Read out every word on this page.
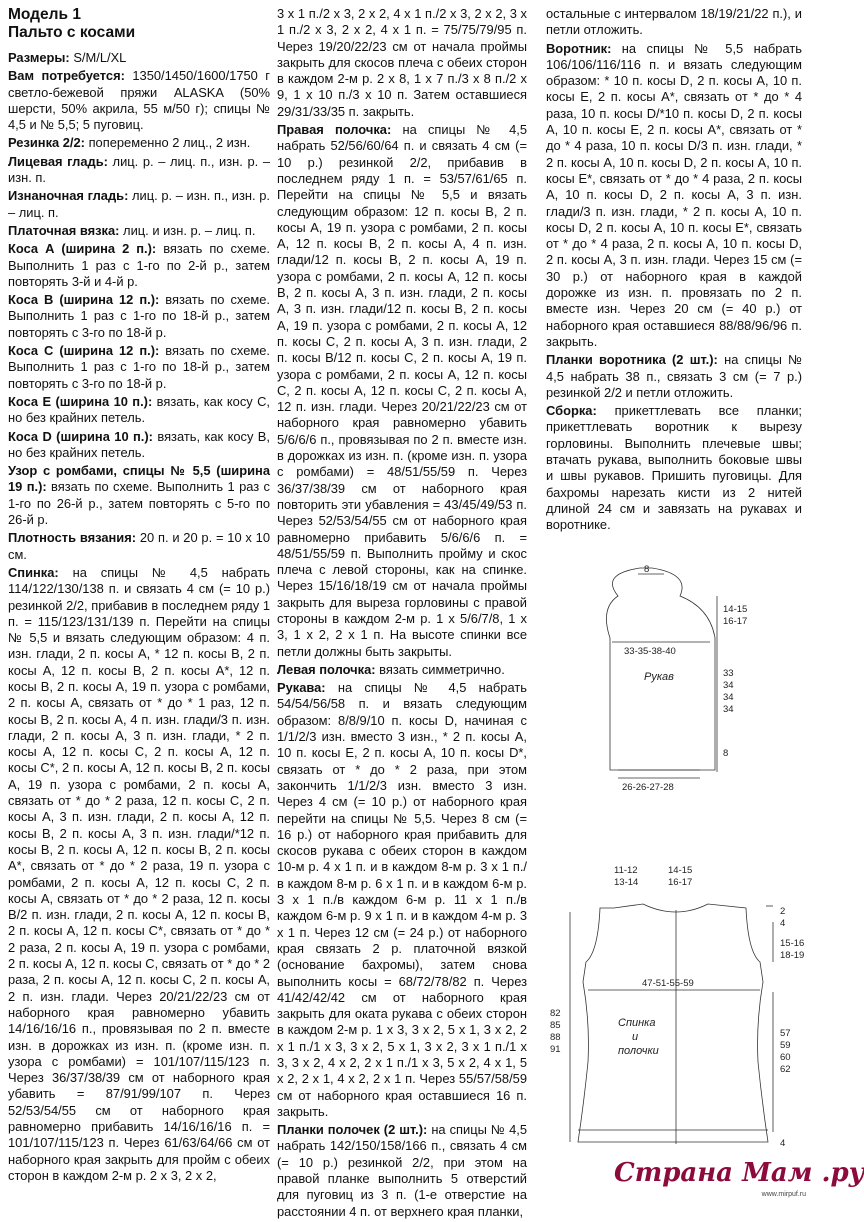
Модель 1
Пальто с косами

Размеры: S/M/L/XL

Вам потребуется: 1350/1450/1600/1750 г светло-бежевой пряжи ALASKA (50% шерсти, 50% акрила, 55 м/50 г); спицы № 4,5 и № 5,5; 5 пуговиц.

Резинка 2/2: попеременно 2 лиц., 2 изн.

Лицевая гладь: лиц. р. – лиц. п., изн. р. – изн. п.

Изнаночная гладь: лиц. р. – изн. п., изн. р. – лиц. п.

Платочная вязка: лиц. и изн. р. – лиц. п.

Коса А (ширина 2 п.): вязать по схеме. Выполнить 1 раз с 1-го по 2-й р., затем повторять 3-й и 4-й р.

Коса В (ширина 12 п.): вязать по схеме. Выполнить 1 раз с 1-го по 18-й р., затем повторять с 3-го по 18-й р.

Коса С (ширина 12 п.): вязать по схеме. Выполнить 1 раз с 1-го по 18-й р., затем повторять с 3-го по 18-й р.

Коса Е (ширина 10 п.): вязать, как косу С, но без крайних петель.

Коса D (ширина 10 п.): вязать, как косу В, но без крайних петель.

Узор с ромбами, спицы № 5,5 (ширина 19 п.): вязать по схеме. Выполнить 1 раз с 1-го по 26-й р., затем повторять с 5-го по 26-й р.

Плотность вязания: 20 п. и 20 р. = 10 х 10 см.

Спинка: на спицы № 4,5 набрать 114/122/130/138 п. и связать 4 см (= 10 р.) резинкой 2/2, прибавив в последнем ряду 1 п. = 115/123/131/139 п. Перейти на спицы № 5,5 и вязать следующим образом: 4 п. изн. глади, 2 п. косы А, * 12 п. косы В, 2 п. косы А, 12 п. косы В, 2 п. косы А*, 12 п. косы В, 2 п. косы А, 19 п. узора с ромбами, 2 п. косы А, связать от * до * 1 раз, 12 п. косы В, 2 п. косы А, 4 п. изн. глади/3 п. изн. глади, 2 п. косы А, 3 п. изн. глади, * 2 п. косы А, 12 п. косы С, 2 п. косы А, 12 п. косы С*, 2 п. косы А, 12 п. косы В, 2 п. косы А, 19 п. узора с ромбами, 2 п. косы А, связать от * до * 2 раза, 12 п. косы С, 2 п. косы А, 3 п. изн. глади, 2 п. косы А, 12 п. косы В, 2 п. косы А, 3 п. изн. глади/*12 п. косы В, 2 п. косы А, 12 п. косы В, 2 п. косы А*, связать от * до * 2 раза, 19 п. узора с ромбами, 2 п. косы А, 12 п. косы С, 2 п. косы А, связать от * до * 2 раза, 12 п. косы В/2 п. изн. глади, 2 п. косы А, 12 п. косы В, 2 п. косы А, 12 п. косы С*, связать от * до * 2 раза, 2 п. косы А, 19 п. узора с ромбами, 2 п. косы А, 12 п. косы С, связать от * до * 2 раза, 2 п. косы А, 12 п. косы С, 2 п. косы А, 2 п. изн. глади. Через 20/21/22/23 см от наборного края равномерно убавить 14/16/16/16 п., провязывая по 2 п. вместе изн. в дорожках из изн. п. (кроме изн. п. узора с ромбами) = 101/107/115/123 п. Через 36/37/38/39 см от наборного края убавить = 87/91/99/107 п. Через 52/53/54/55 см от наборного края равномерно прибавить 14/16/16/16 п. = 101/107/115/123 п. Через 61/63/64/66 см от наборного края закрыть для пройм с обеих сторон в каждом 2-м р. 2 х 3, 2 х 2,

3 х 1 п./2 х 3, 2 х 2, 4 х 1 п./2 х 3, 2 х 2, 3 х 1 п./2 х 3, 2 х 2, 4 х 1 п. = 75/75/79/95 п. Через 19/20/22/23 см от начала проймы закрыть для скосов плеча с обеих сторон в каждом 2-м р. 2 х 8, 1 х 7 п./3 х 8 п./2 х 9, 1 х 10 п./3 х 10 п. Затем оставшиеся 29/31/33/35 п. закрыть.

Правая полочка: на спицы № 4,5 набрать 52/56/60/64 п. и связать 4 см (= 10 р.) резинкой 2/2, прибавив в последнем ряду 1 п. = 53/57/61/65 п. Перейти на спицы № 5,5 и вязать следующим образом: 12 п. косы В, 2 п. косы А, 19 п. узора с ромбами, 2 п. косы А, 12 п. косы В, 2 п. косы А, 4 п. изн. глади/12 п. косы В, 2 п. косы А, 19 п. узора с ромбами, 2 п. косы А, 12 п. косы В, 2 п. косы А, 3 п. изн. глади, 2 п. косы А, 3 п. изн. глади/12 п. косы В, 2 п. косы А, 19 п. узора с ромбами, 2 п. косы А, 12 п. косы С, 2 п. косы А, 3 п. изн. глади, 2 п. косы В/12 п. косы С, 2 п. косы А, 19 п. узора с ромбами, 2 п. косы А, 12 п. косы С, 2 п. косы А, 12 п. косы С, 2 п. косы А, 12 п. изн. глади. Через 20/21/22/23 см от наборного края равномерно убавить 5/6/6/6 п., провязывая по 2 п. вместе изн. в дорожках из изн. п. (кроме изн. п. узора с ромбами) = 48/51/55/59 п. Через 36/37/38/39 см от наборного края повторить эти убавления = 43/45/49/53 п. Через 52/53/54/55 см от наборного края равномерно прибавить 5/6/6/6 п. = 48/51/55/59 п. Выполнить пройму и скос плеча с левой стороны, как на спинке. Через 15/16/18/19 см от начала проймы закрыть для выреза горловины с правой стороны в каждом 2-м р. 1 х 5/6/7/8, 1 х 3, 1 х 2, 2 х 1 п. На высоте спинки все петли должны быть закрыты.

Левая полочка: вязать симметрично.

Рукава: на спицы № 4,5 набрать 54/54/56/58 п. и вязать следующим образом: 8/8/9/10 п. косы D, начиная с 1/1/2/3 изн. вместо 3 изн., * 2 п. косы А, 10 п. косы Е, 2 п. косы А, 10 п. косы D*, связать от * до * 2 раза, при этом закончить 1/1/2/3 изн. вместо 3 изн. Через 4 см (= 10 р.) от наборного края перейти на спицы № 5,5. Через 8 см (= 16 р.) от наборного края прибавить для скосов рукава с обеих сторон в каждом 10-м р. 4 х 1 п. и в каждом 8-м р. 3 х 1 п./в каждом 8-м р. 6 х 1 п. и в каждом 6-м р. 3 х 1 п./в каждом 6-м р. 11 х 1 п./в каждом 6-м р. 9 х 1 п. и в каждом 4-м р. 3 х 1 п. Через 12 см (= 24 р.) от наборного края связать 2 р. платочной вязкой (основание бахромы), затем снова выполнить косы = 68/72/78/82 п. Через 41/42/42/42 см от наборного края закрыть для оката рукава с обеих сторон в каждом 2-м р. 1 х 3, 3 х 2, 5 х 1, 3 х 2, 2 х 1 п./1 х 3, 3 х 2, 5 х 1, 3 х 2, 3 х 1 п./1 х 3, 3 х 2, 4 х 2, 2 х 1 п./1 х 3, 5 х 2, 4 х 1, 5 х 2, 2 х 1, 4 х 2, 2 х 1 п. Через 55/57/58/59 см от наборного края оставшиеся 16 п. закрыть.

Планки полочек (2 шт.): на спицы № 4,5 набрать 142/150/158/166 п., связать 4 см (= 10 р.) резинкой 2/2, при этом на правой планке выполнить 5 отверстий для пуговиц из 3 п. (1-е отверстие на расстоянии 4 п. от верхнего края планки,

остальные с интервалом 18/19/21/22 п.), и петли отложить.

Воротник: на спицы № 5,5 набрать 106/106/116/116 п. и вязать следующим образом: * 10 п. косы D, 2 п. косы А, 10 п. косы Е, 2 п. косы А*, связать от * до * 4 раза, 10 п. косы D/*10 п. косы D, 2 п. косы А, 10 п. косы Е, 2 п. косы А*, связать от * до * 4 раза, 10 п. косы D/3 п. изн. глади, * 2 п. косы А, 10 п. косы D, 2 п. косы А, 10 п. косы Е*, связать от * до * 4 раза, 2 п. косы А, 10 п. косы D, 2 п. косы А, 3 п. изн. глади/3 п. изн. глади, * 2 п. косы А, 10 п. косы D, 2 п. косы А, 10 п. косы Е*, связать от * до * 4 раза, 2 п. косы А, 10 п. косы D, 2 п. косы А, 3 п. изн. глади. Через 15 см (= 30 р.) от наборного края в каждой дорожке из изн. п. провязать по 2 п. вместе изн. Через 20 см (= 40 р.) от наборного края оставшиеся 88/88/96/96 п. закрыть.

Планки воротника (2 шт.): на спицы № 4,5 набрать 38 п., связать 3 см (= 7 р.) резинкой 2/2 и петли отложить.

Сборка: прикеттлевать все планки; прикеттлевать воротник к вырезу горловины. Выполнить плечевые швы; втачать рукава, выполнить боковые швы и швы рукавов. Пришить пуговицы. Для бахромы нарезать кисти из 2 нитей длиной 24 см и завязать на рукавах и воротнике.

8
14-15
16-17
33-35-38-40
Рукав	33
34
34
34
8
26-26-27-28
11-12
13-14
14-15
16-17
2
4
15-16
18-19
47-51-55-59
Спинка
и
полочки
82
85
88
91
57
59
60
62
4
Страна Мам .ру
www.mirpuf.ru
